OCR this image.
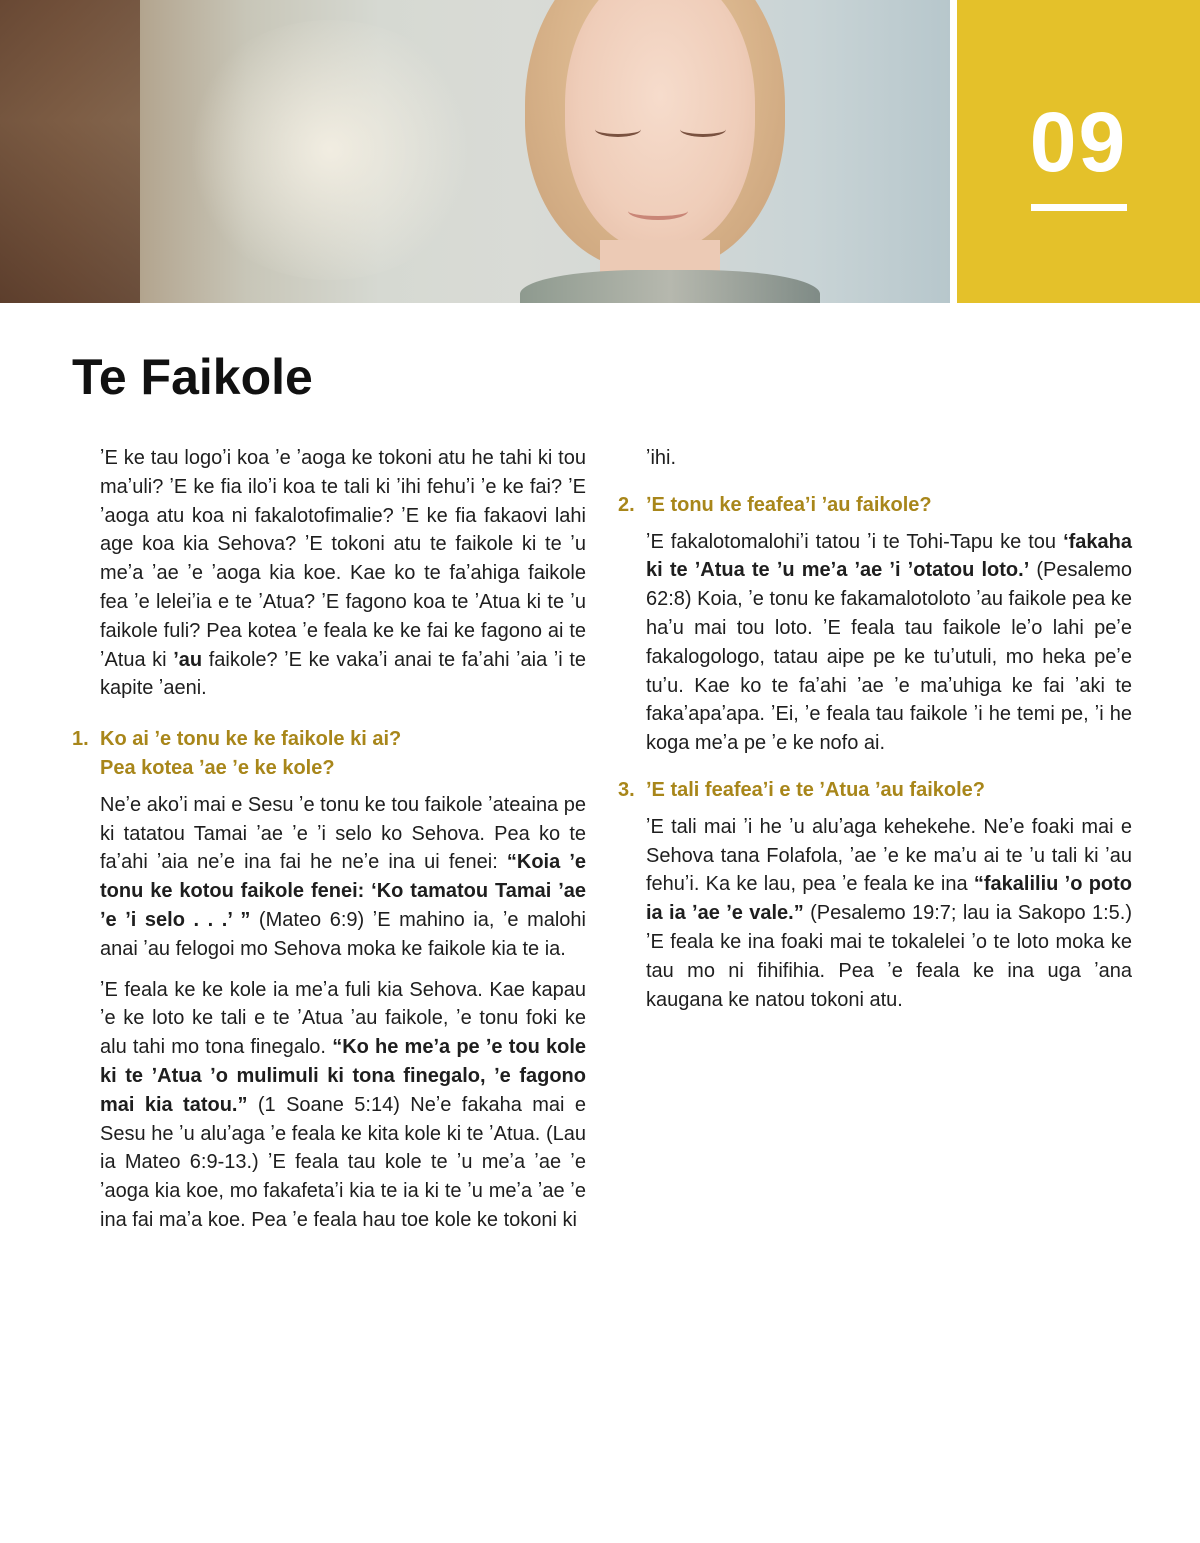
09
Te Faikole

ʼE ke tau logoʼi koa ʼe ʼaoga ke tokoni atu he tahi ki tou maʼuli? ʼE ke fia iloʼi koa te tali ki ʼihi fehuʼi ʼe ke fai? ʼE ʼaoga atu koa ni fakalotofimalie? ʼE ke fia fakaovi lahi age koa kia Sehova? ʼE tokoni atu te faikole ki te ʼu meʼa ʼae ʼe ʼaoga kia koe. Kae ko te faʼahiga faikole fea ʼe leleiʼia e te ʼAtua? ʼE fagono koa te ʼAtua ki te ʼu faikole fuli? Pea kotea ʼe feala ke ke fai ke fagono ai te ʼAtua ki ʼau faikole? ʼE ke vakaʼi anai te faʼahi ʼaia ʼi te kapite ʼaeni.

1. Ko ai ʼe tonu ke ke faikole ki ai?
Pea kotea ʼae ʼe ke kole?

Neʼe akoʼi mai e Sesu ʼe tonu ke tou faikole ʼateaina pe ki tatatou Tamai ʼae ʼe ʼi selo ko Sehova. Pea ko te faʼahi ʼaia neʼe ina fai he neʼe ina ui fenei: “Koia ʼe tonu ke kotou faikole fenei: ‘Ko tamatou Tamai ʼae ʼe ʼi selo . . .’ ” (Mateo 6:9) ʼE mahino ia, ʼe malohi anai ʼau felogoi mo Sehova moka ke faikole kia te ia.

ʼE feala ke ke kole ia meʼa fuli kia Sehova. Kae kapau ʼe ke loto ke tali e te ʼAtua ʼau faikole, ʼe tonu foki ke alu tahi mo tona finegalo. “Ko he meʼa pe ʼe tou kole ki te ʼAtua ʼo mulimuli ki tona finegalo, ʼe fagono mai kia tatou.” (1 Soane 5:14) Neʼe fakaha mai e Sesu he ʼu aluʼaga ʼe feala ke kita kole ki te ʼAtua. (Lau ia Mateo 6:9-13.) ʼE feala tau kole te ʼu meʼa ʼae ʼe ʼaoga kia koe, mo fakafetaʼi kia te ia ki te ʼu meʼa ʼae ʼe ina fai maʼa koe. Pea ʼe feala hau toe kole ke tokoni ki

ʼihi.

2. ʼE tonu ke feafeaʼi ʼau faikole?

ʼE fakalotomalohiʼi tatou ʼi te Tohi-Tapu ke tou ‘fakaha ki te ʼAtua te ʼu meʼa ʼae ʼi ʼotatou loto.’ (Pesalemo 62:8) Koia, ʼe tonu ke fakamalotoloto ʼau faikole pea ke haʼu mai tou loto. ʼE feala tau faikole leʼo lahi peʼe fakalogologo, tatau aipe pe ke tuʼutuli, mo heka peʼe tuʼu. Kae ko te faʼahi ʼae ʼe maʼuhiga ke fai ʼaki te fakaʼapaʼapa. ʼEi, ʼe feala tau faikole ʼi he temi pe, ʼi he koga meʼa pe ʼe ke nofo ai.

3. ʼE tali feafeaʼi e te ʼAtua ʼau faikole?

ʼE tali mai ʼi he ʼu aluʼaga kehekehe. Neʼe foaki mai e Sehova tana Folafola, ʼae ʼe ke maʼu ai te ʼu tali ki ʼau fehuʼi. Ka ke lau, pea ʼe feala ke ina “fakaliliu ʼo poto ia ia ʼae ʼe vale.” (Pesalemo 19:7; lau ia Sakopo 1:5.) ʼE feala ke ina foaki mai te tokalelei ʼo te loto moka ke tau mo ni fihifihia. Pea ʼe feala ke ina uga ʼana kaugana ke natou tokoni atu.
